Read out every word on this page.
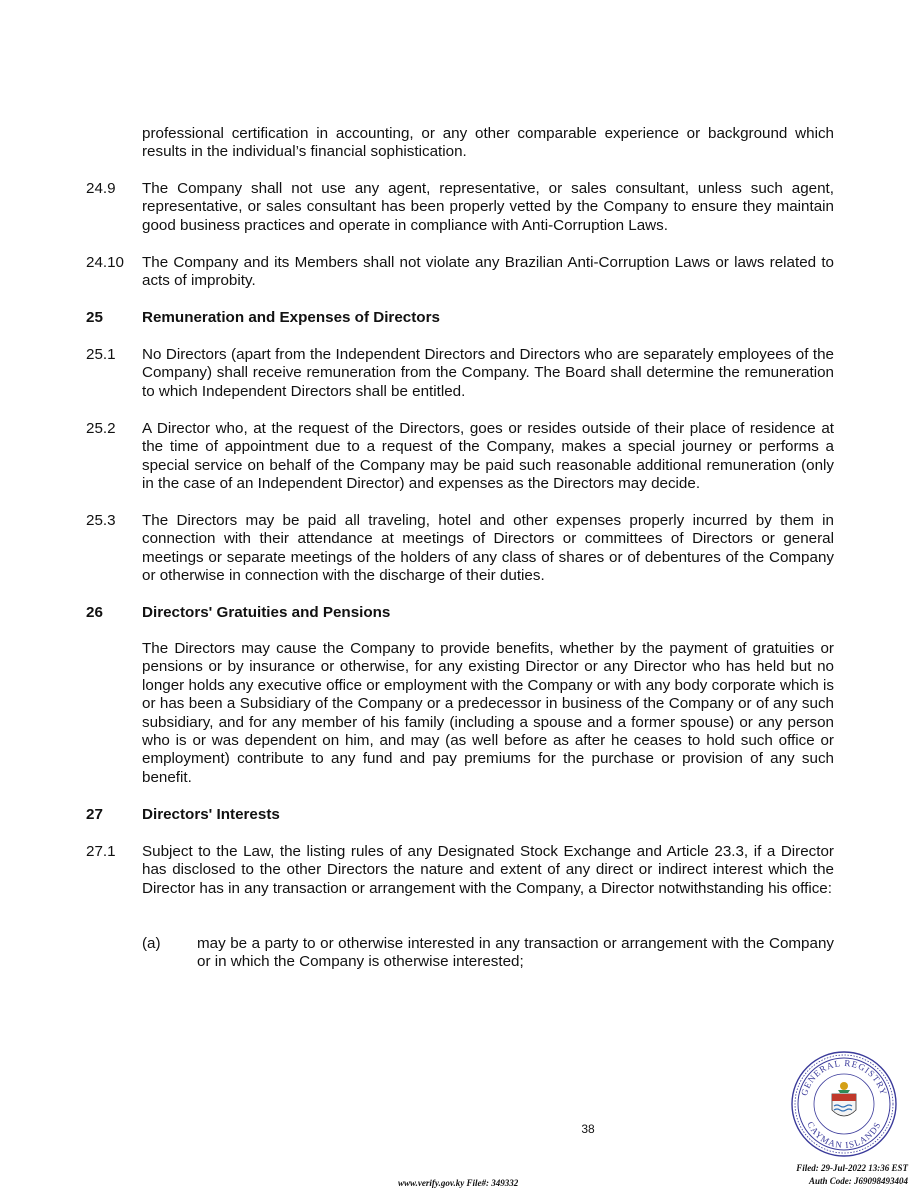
professional certification in accounting, or any other comparable experience or background which results in the individual’s financial sophistication.
24.9 The Company shall not use any agent, representative, or sales consultant, unless such agent, representative, or sales consultant has been properly vetted by the Company to ensure they maintain good business practices and operate in compliance with Anti-Corruption Laws.
24.10 The Company and its Members shall not violate any Brazilian Anti-Corruption Laws or laws related to acts of improbity.
25	Remuneration and Expenses of Directors
25.1 No Directors (apart from the Independent Directors and Directors who are separately employees of the Company) shall receive remuneration from the Company. The Board shall determine the remuneration to which Independent Directors shall be entitled.
25.2 A Director who, at the request of the Directors, goes or resides outside of their place of residence at the time of appointment due to a request of the Company, makes a special journey or performs a special service on behalf of the Company may be paid such reasonable additional remuneration (only in the case of an Independent Director) and expenses as the Directors may decide.
25.3 The Directors may be paid all traveling, hotel and other expenses properly incurred by them in connection with their attendance at meetings of Directors or committees of Directors or general meetings or separate meetings of the holders of any class of shares or of debentures of the Company or otherwise in connection with the discharge of their duties.
26	Directors' Gratuities and Pensions
The Directors may cause the Company to provide benefits, whether by the payment of gratuities or pensions or by insurance or otherwise, for any existing Director or any Director who has held but no longer holds any executive office or employment with the Company or with any body corporate which is or has been a Subsidiary of the Company or a predecessor in business of the Company or of any such subsidiary, and for any member of his family (including a spouse and a former spouse) or any person who is or was dependent on him, and may (as well before as after he ceases to hold such office or employment) contribute to any fund and pay premiums for the purchase or provision of any such benefit.
27	Directors' Interests
27.1 Subject to the Law, the listing rules of any Designated Stock Exchange and Article 23.3, if a Director has disclosed to the other Directors the nature and extent of any direct or indirect interest which the Director has in any transaction or arrangement with the Company, a Director notwithstanding his office:
(a) may be a party to or otherwise interested in any transaction or arrangement with the Company or in which the Company is otherwise interested;
38
GENERAL REGISTRY
CAYMAN ISLANDS
www.verify.gov.ky File#: 349332
Filed: 29-Jul-2022 13:36 EST
Auth Code: J69098493404
